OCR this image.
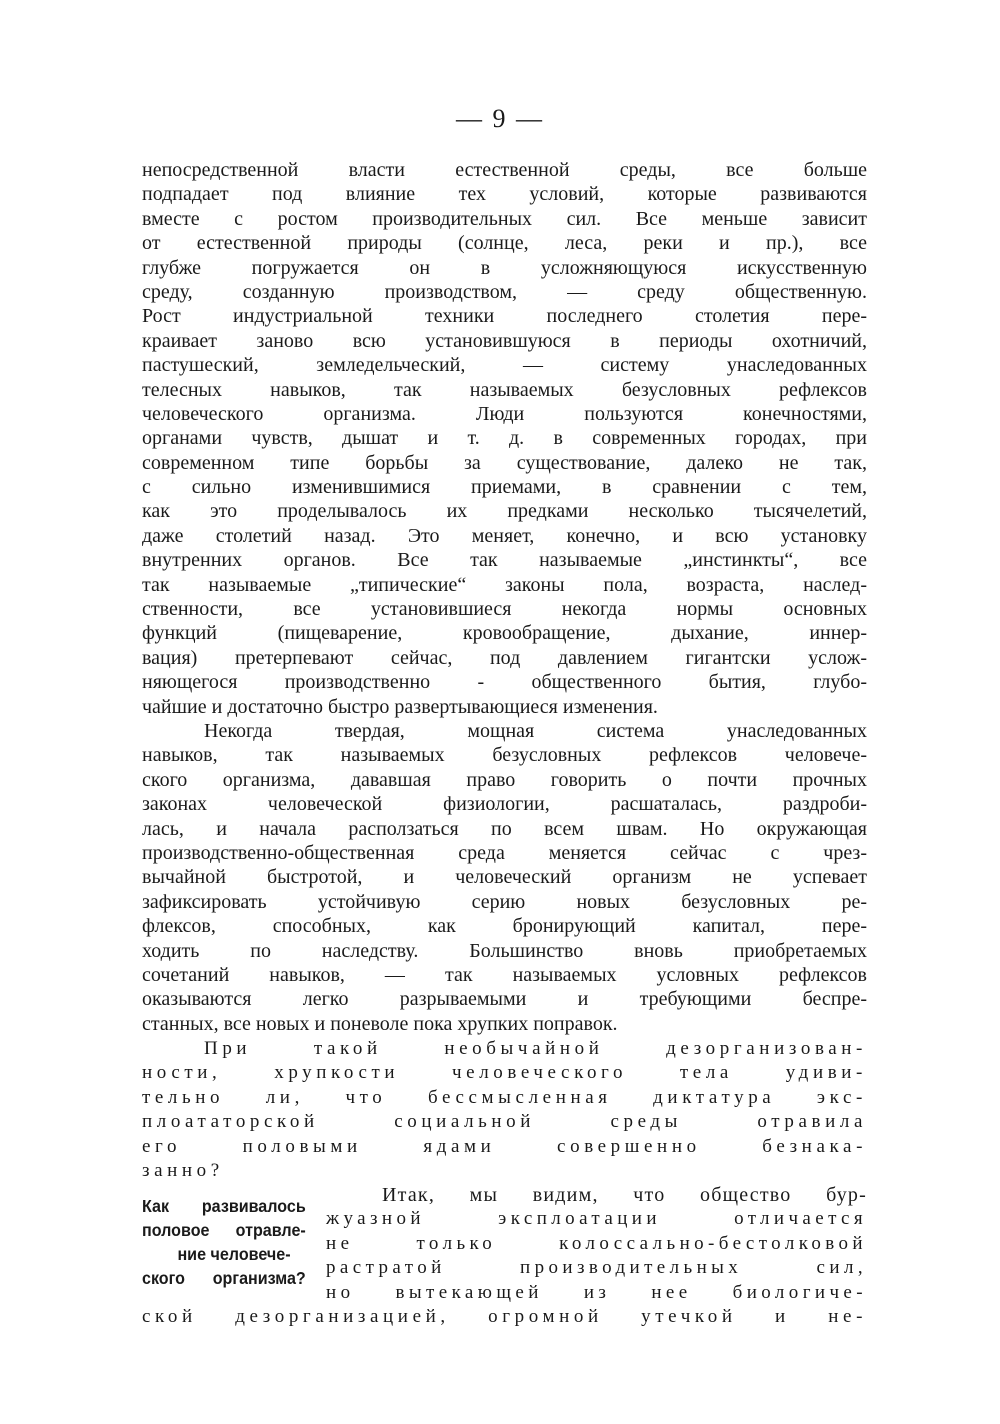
— 9 —
непосредственной власти естественной среды, все больше
подпадает под влияние тех условий, которые развиваются
вместе с ростом производительных сил. Все меньше зависит
от естественной природы (солнце, леса, реки и пр.), все
глубже погружается он в усложняющуюся искусственную
среду, созданную производством, — среду общественную.
Рост индустриальной техники последнего столетия пере-
краивает заново всю установившуюся в периоды охотничий,
пастушеский, земледельческий, — систему унаследованных
телесных навыков, так называемых безусловных рефлексов
человеческого организма. Люди пользуются конечностями,
органами чувств, дышат и т. д. в современных городах, при
современном типе борьбы за существование, далеко не так,
с сильно изменившимися приемами, в сравнении с тем,
как это проделывалось их предками несколько тысячелетий,
даже столетий назад. Это меняет, конечно, и всю установку
внутренних органов. Все так называемые „инстинкты“, все
так называемые „типические“ законы пола, возраста, наслед-
ственности, все установившиеся некогда нормы основных
функций (пищеварение, кровообращение, дыхание, иннер-
вация) претерпевают сейчас, под давлением гигантски услож-
няющегося производственно - общественного бытия, глубо-
чайшие и достаточно быстро развертывающиеся изменения.
Некогда твердая, мощная система унаследованных
навыков, так называемых безусловных рефлексов человече-
ского организма, дававшая право говорить о почти прочных
законах человеческой физиологии, расшаталась, раздроби-
лась, и начала расползаться по всем швам. Но окружающая
производственно-общественная среда меняется сейчас с чрез-
вычайной быстротой, и человеческий организм не успевает
зафиксировать устойчивую серию новых безусловных ре-
флексов, способных, как бронирующий капитал, пере-
ходить по наследству. Большинство вновь приобретаемых
сочетаний навыков, — так называемых условных рефлексов
оказываются легко разрываемыми и требующими беспре-
станных, все новых и поневоле пока хрупких поправок.
При такой необычайной дезорганизован-
ности, хрупкости человеческого тела удиви-
тельно ли, что бессмысленная диктатура экс-
плоататорской социальной среды отравила
его половыми ядами совершенно безнака-
занно?
Как развивалось
половое отравле-
ние человече-
ского организма?
Итак, мы видим, что общество бур-
жуазной эксплоатации отличается
не только колоссально-бестолковой
растратой производительных сил,
но вытекающей из нее биологиче-
ской дезорганизацией, огромной утечкой и не-
